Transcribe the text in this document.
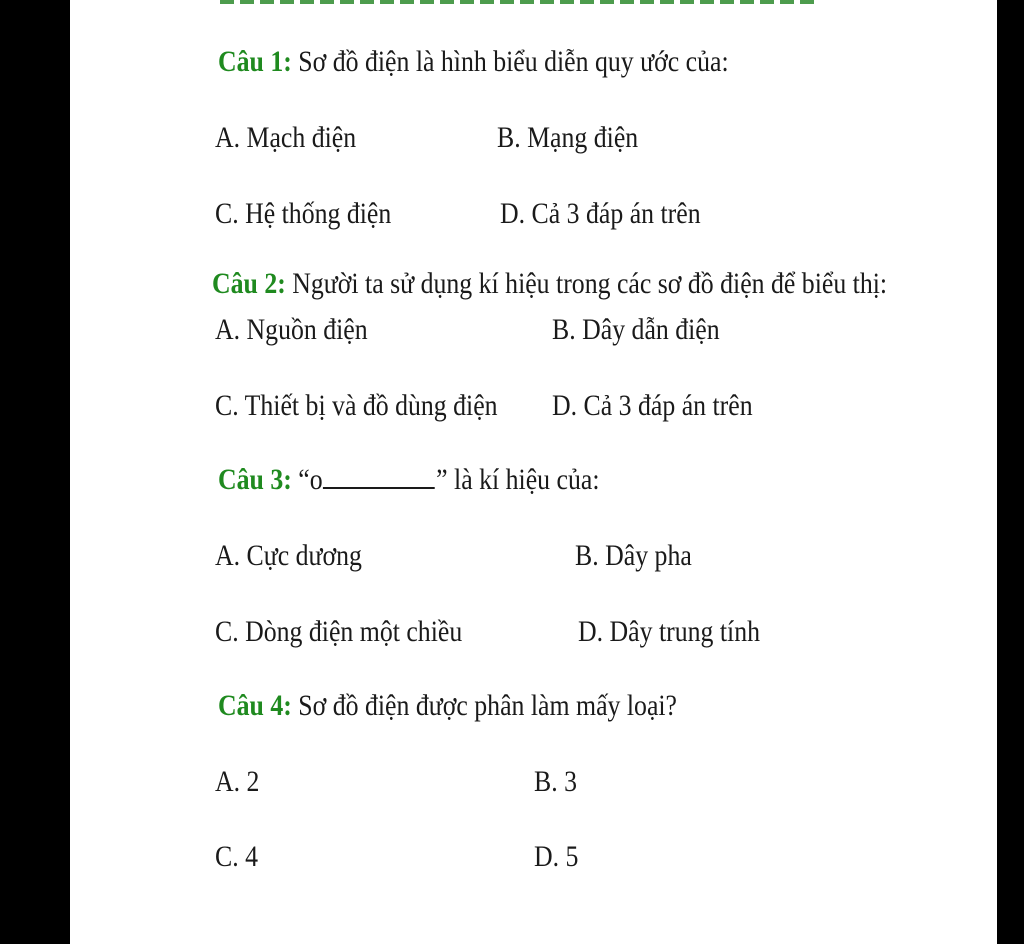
Câu 1: Sơ đồ điện là hình biểu diễn quy ước của:
A. Mạch điện	B. Mạng điện
C. Hệ thống điện	D. Cả 3 đáp án trên
Câu 2: Người ta sử dụng kí hiệu trong các sơ đồ điện để biểu thị:
A. Nguồn điện	B. Dây dẫn điện
C. Thiết bị và đồ dùng điện D. Cả 3 đáp án trên
Câu 3: “o	” là kí hiệu của:
A. Cực dương	B. Dây pha
C. Dòng điện một chiều	D. Dây trung tính
Câu 4: Sơ đồ điện được phân làm mấy loại?
A. 2	B. 3
C. 4	D. 5
